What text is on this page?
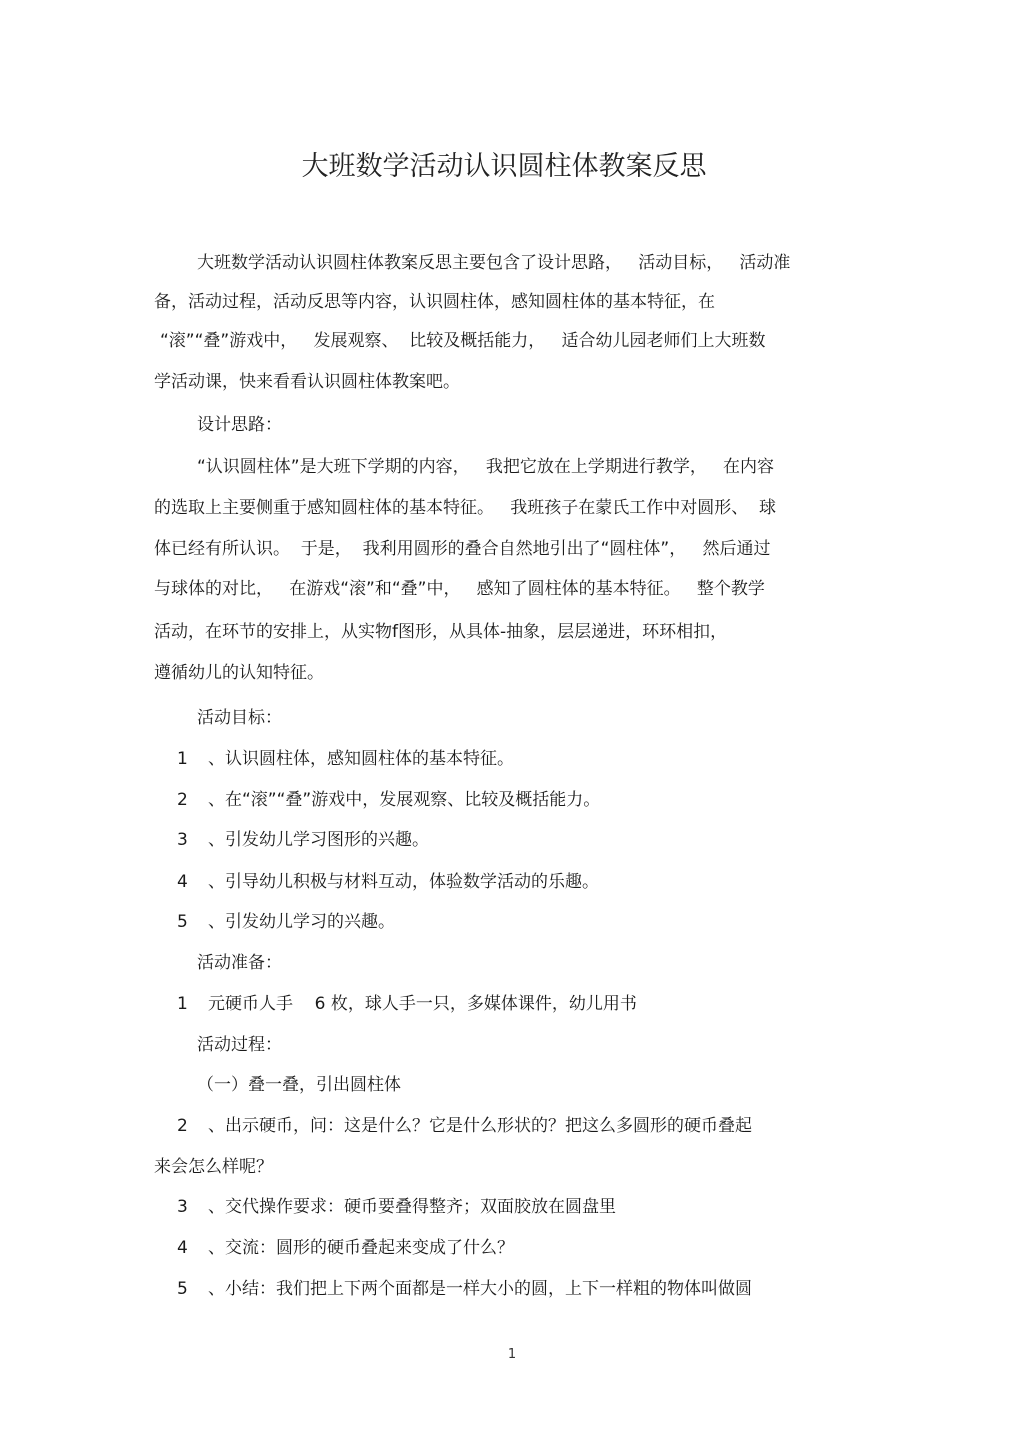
大班数学活动认识圆柱体教案反思
大班数学活动认识圆柱体教案反思主要包含了设计思路，   活动目标，   活动准
备，活动过程，活动反思等内容，认识圆柱体，感知圆柱体的基本特征，在
“滚”“叠”游戏中，   发展观察、  比较及概括能力，   适合幼儿园老师们上大班数
学活动课，快来看看认识圆柱体教案吧。
设计思路：
“认识圆柱体”是大班下学期的内容，   我把它放在上学期进行教学，   在内容
的选取上主要侧重于感知圆柱体的基本特征。   我班孩子在蒙氏工作中对圆形、  球
体已经有所认识。  于是，  我利用圆形的叠合自然地引出了“圆柱体”，   然后通过
与球体的对比，   在游戏“滚”和“叠”中，   感知了圆柱体的基本特征。   整个教学
活动，在环节的安排上，从实物f图形，从具体-抽象，层层递进，环环相扣，
遵循幼儿的认知特征。
活动目标：
1 、认识圆柱体，感知圆柱体的基本特征。
2 、在“滚”“叠”游戏中，发展观察、比较及概括能力。
3 、引发幼儿学习图形的兴趣。
4 、引导幼儿积极与材料互动，体验数学活动的乐趣。
5 、引发幼儿学习的兴趣。
活动准备：
1 元硬币人手    6 枚，球人手一只，多媒体课件，幼儿用书
活动过程：
（一）叠一叠，引出圆柱体
2 、出示硬币，问：这是什么？它是什么形状的？把这么多圆形的硬币叠起
来会怎么样呢？
3 、交代操作要求：硬币要叠得整齐；双面胶放在圆盘里
4 、交流：圆形的硬币叠起来变成了什么？
5 、小结：我们把上下两个面都是一样大小的圆，上下一样粗的物体叫做圆
1
